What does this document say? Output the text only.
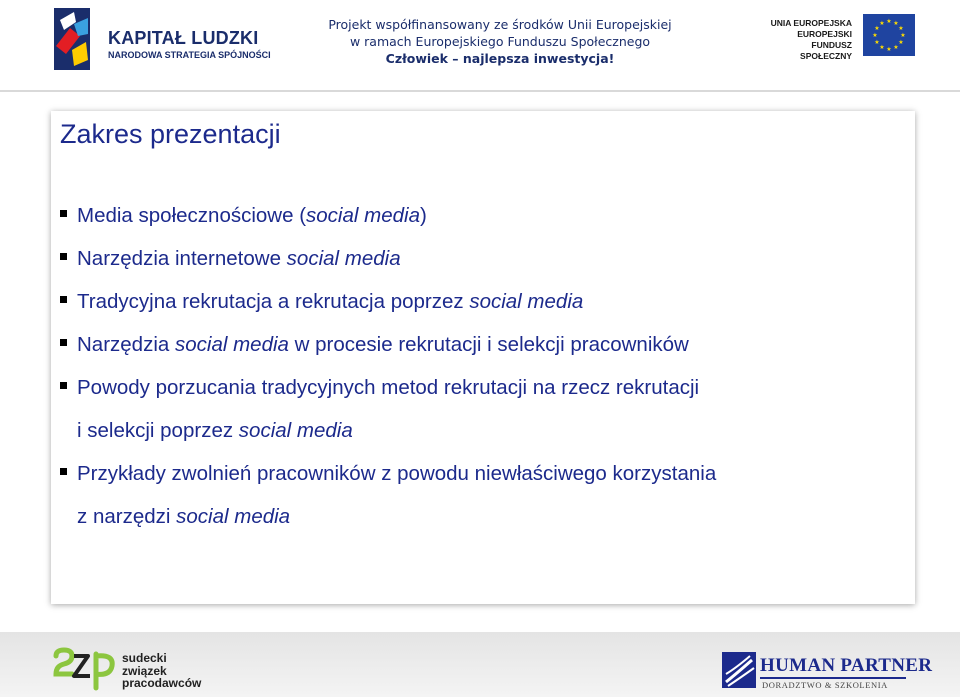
KAPITAŁ LUDZKI
NARODOWA STRATEGIA SPÓJNOŚCI
Projekt współfinansowany ze środków Unii Europejskiej
w ramach Europejskiego Funduszu Społecznego
Człowiek – najlepsza inwestycja!
UNIA EUROPEJSKA
EUROPEJSKI
FUNDUSZ SPOŁECZNY
★ ★
★
★
★
★
★
★
★
★
★
★
Zakres prezentacji
Media społecznościowe (social media)
Narzędzia internetowe social media
Tradycyjna rekrutacja a rekrutacja poprzez social media
Narzędzia social media w procesie rekrutacji i selekcji pracowników
Powody porzucania tradycyjnych metod rekrutacji na rzecz rekrutacji
i selekcji poprzez social media
Przykłady zwolnień pracowników z powodu niewłaściwego korzystania
z narzędzi social media
sudecki
związek
pracodawców
HUMAN PARTNER
DORADZTWO & SZKOLENIA
